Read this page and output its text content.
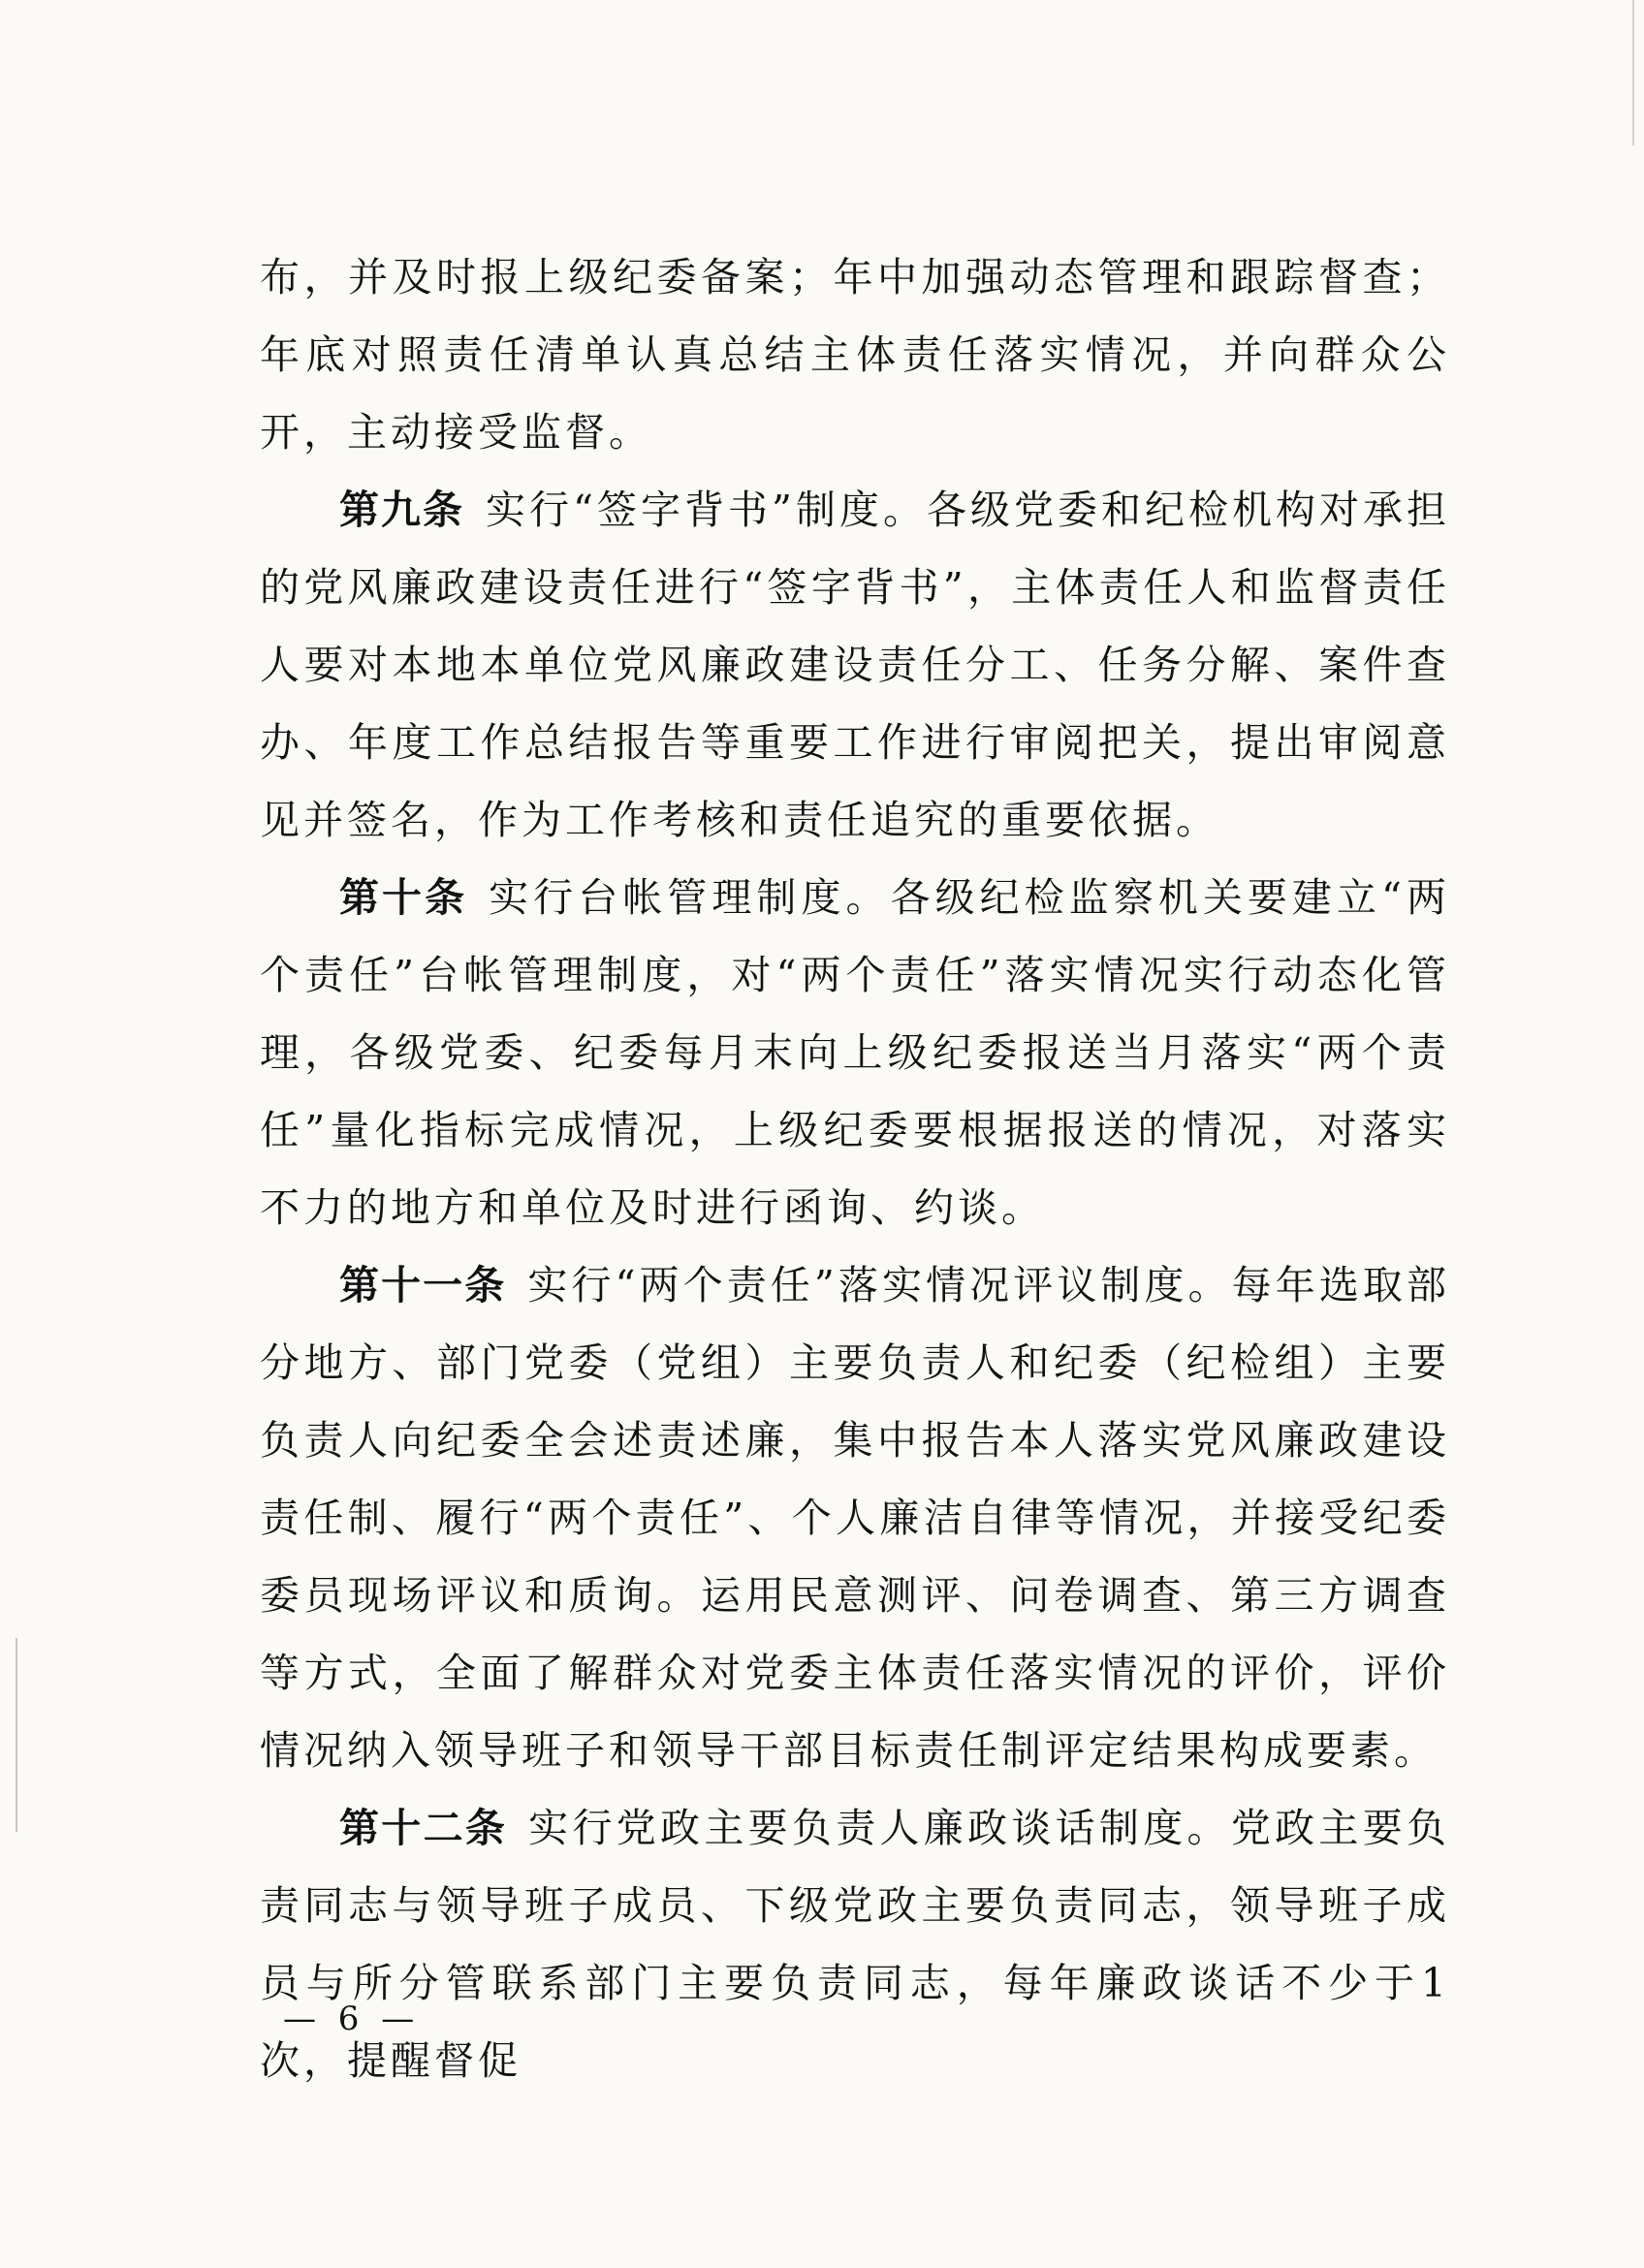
布，并及时报上级纪委备案；年中加强动态管理和跟踪督查；年底对照责任清单认真总结主体责任落实情况，并向群众公开，主动接受监督。

第九条 实行“签字背书”制度。各级党委和纪检机构对承担的党风廉政建设责任进行“签字背书”，主体责任人和监督责任人要对本地本单位党风廉政建设责任分工、任务分解、案件查办、年度工作总结报告等重要工作进行审阅把关，提出审阅意见并签名，作为工作考核和责任追究的重要依据。

第十条 实行台帐管理制度。各级纪检监察机关要建立“两个责任”台帐管理制度，对“两个责任”落实情况实行动态化管理，各级党委、纪委每月末向上级纪委报送当月落实“两个责任”量化指标完成情况，上级纪委要根据报送的情况，对落实不力的地方和单位及时进行函询、约谈。

第十一条 实行“两个责任”落实情况评议制度。每年选取部分地方、部门党委（党组）主要负责人和纪委（纪检组）主要负责人向纪委全会述责述廉，集中报告本人落实党风廉政建设责任制、履行“两个责任”、个人廉洁自律等情况，并接受纪委委员现场评议和质询。运用民意测评、问卷调查、第三方调查等方式，全面了解群众对党委主体责任落实情况的评价，评价情况纳入领导班子和领导干部目标责任制评定结果构成要素。

第十二条 实行党政主要负责人廉政谈话制度。党政主要负责同志与领导班子成员、下级党政主要负责同志，领导班子成员与所分管联系部门主要负责同志，每年廉政谈话不少于1次，提醒督促

— 6 —
